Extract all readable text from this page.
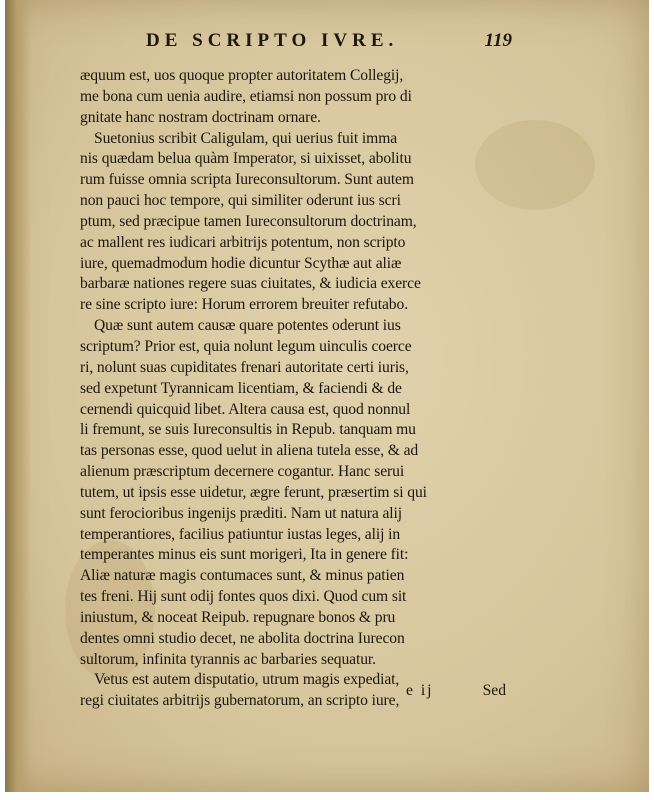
DE SCRIPTO IVRE.	119
æquum est, uos quoque propter autoritatem Collegij,
me bona cum uenia audire, etiamsi non possum pro di
gnitate hanc nostram doctrinam ornare.
Suetonius scribit Caligulam, qui uerius fuit imma
nis quædam belua quàm Imperator, si uixisset, abolitu
rum fuisse omnia scripta Iureconsultorum. Sunt autem
non pauci hoc tempore, qui similiter oderunt ius scri
ptum, sed præcipue tamen Iureconsultorum doctrinam,
ac mallent res iudicari arbitrijs potentum, non scripto
iure, quemadmodum hodie dicuntur Scythæ aut aliæ
barbaræ nationes regere suas ciuitates, & iudicia exerce
re sine scripto iure: Horum errorem breuiter refutabo.
Quæ sunt autem causæ quare potentes oderunt ius
scriptum? Prior est, quia nolunt legum uinculis coerce
ri, nolunt suas cupiditates frenari autoritate certi iuris,
sed expetunt Tyrannicam licentiam, & faciendi & de
cernendi quicquid libet. Altera causa est, quod nonnul
li fremunt, se suis Iureconsultis in Repub. tanquam mu
tas personas esse, quod uelut in aliena tutela esse, & ad
alienum præscriptum decernere cogantur. Hanc serui
tutem, ut ipsis esse uidetur, ægre ferunt, præsertim si qui
sunt ferocioribus ingenijs præditi. Nam ut natura alij
temperantiores, facilius patiuntur iustas leges, alij in
temperantes minus eis sunt morigeri, Ita in genere fit:
Aliæ naturæ magis contumaces sunt, & minus patien
tes freni. Hij sunt odij fontes quos dixi. Quod cum sit
iniustum, & noceat Reipub. repugnare bonos & pru
dentes omni studio decet, ne abolita doctrina Iurecon
sultorum, infinita tyrannis ac barbaries sequatur.
Vetus est autem disputatio, utrum magis expediat,
regi ciuitates arbitrijs gubernatorum, an scripto iure,
e ij	Sed
